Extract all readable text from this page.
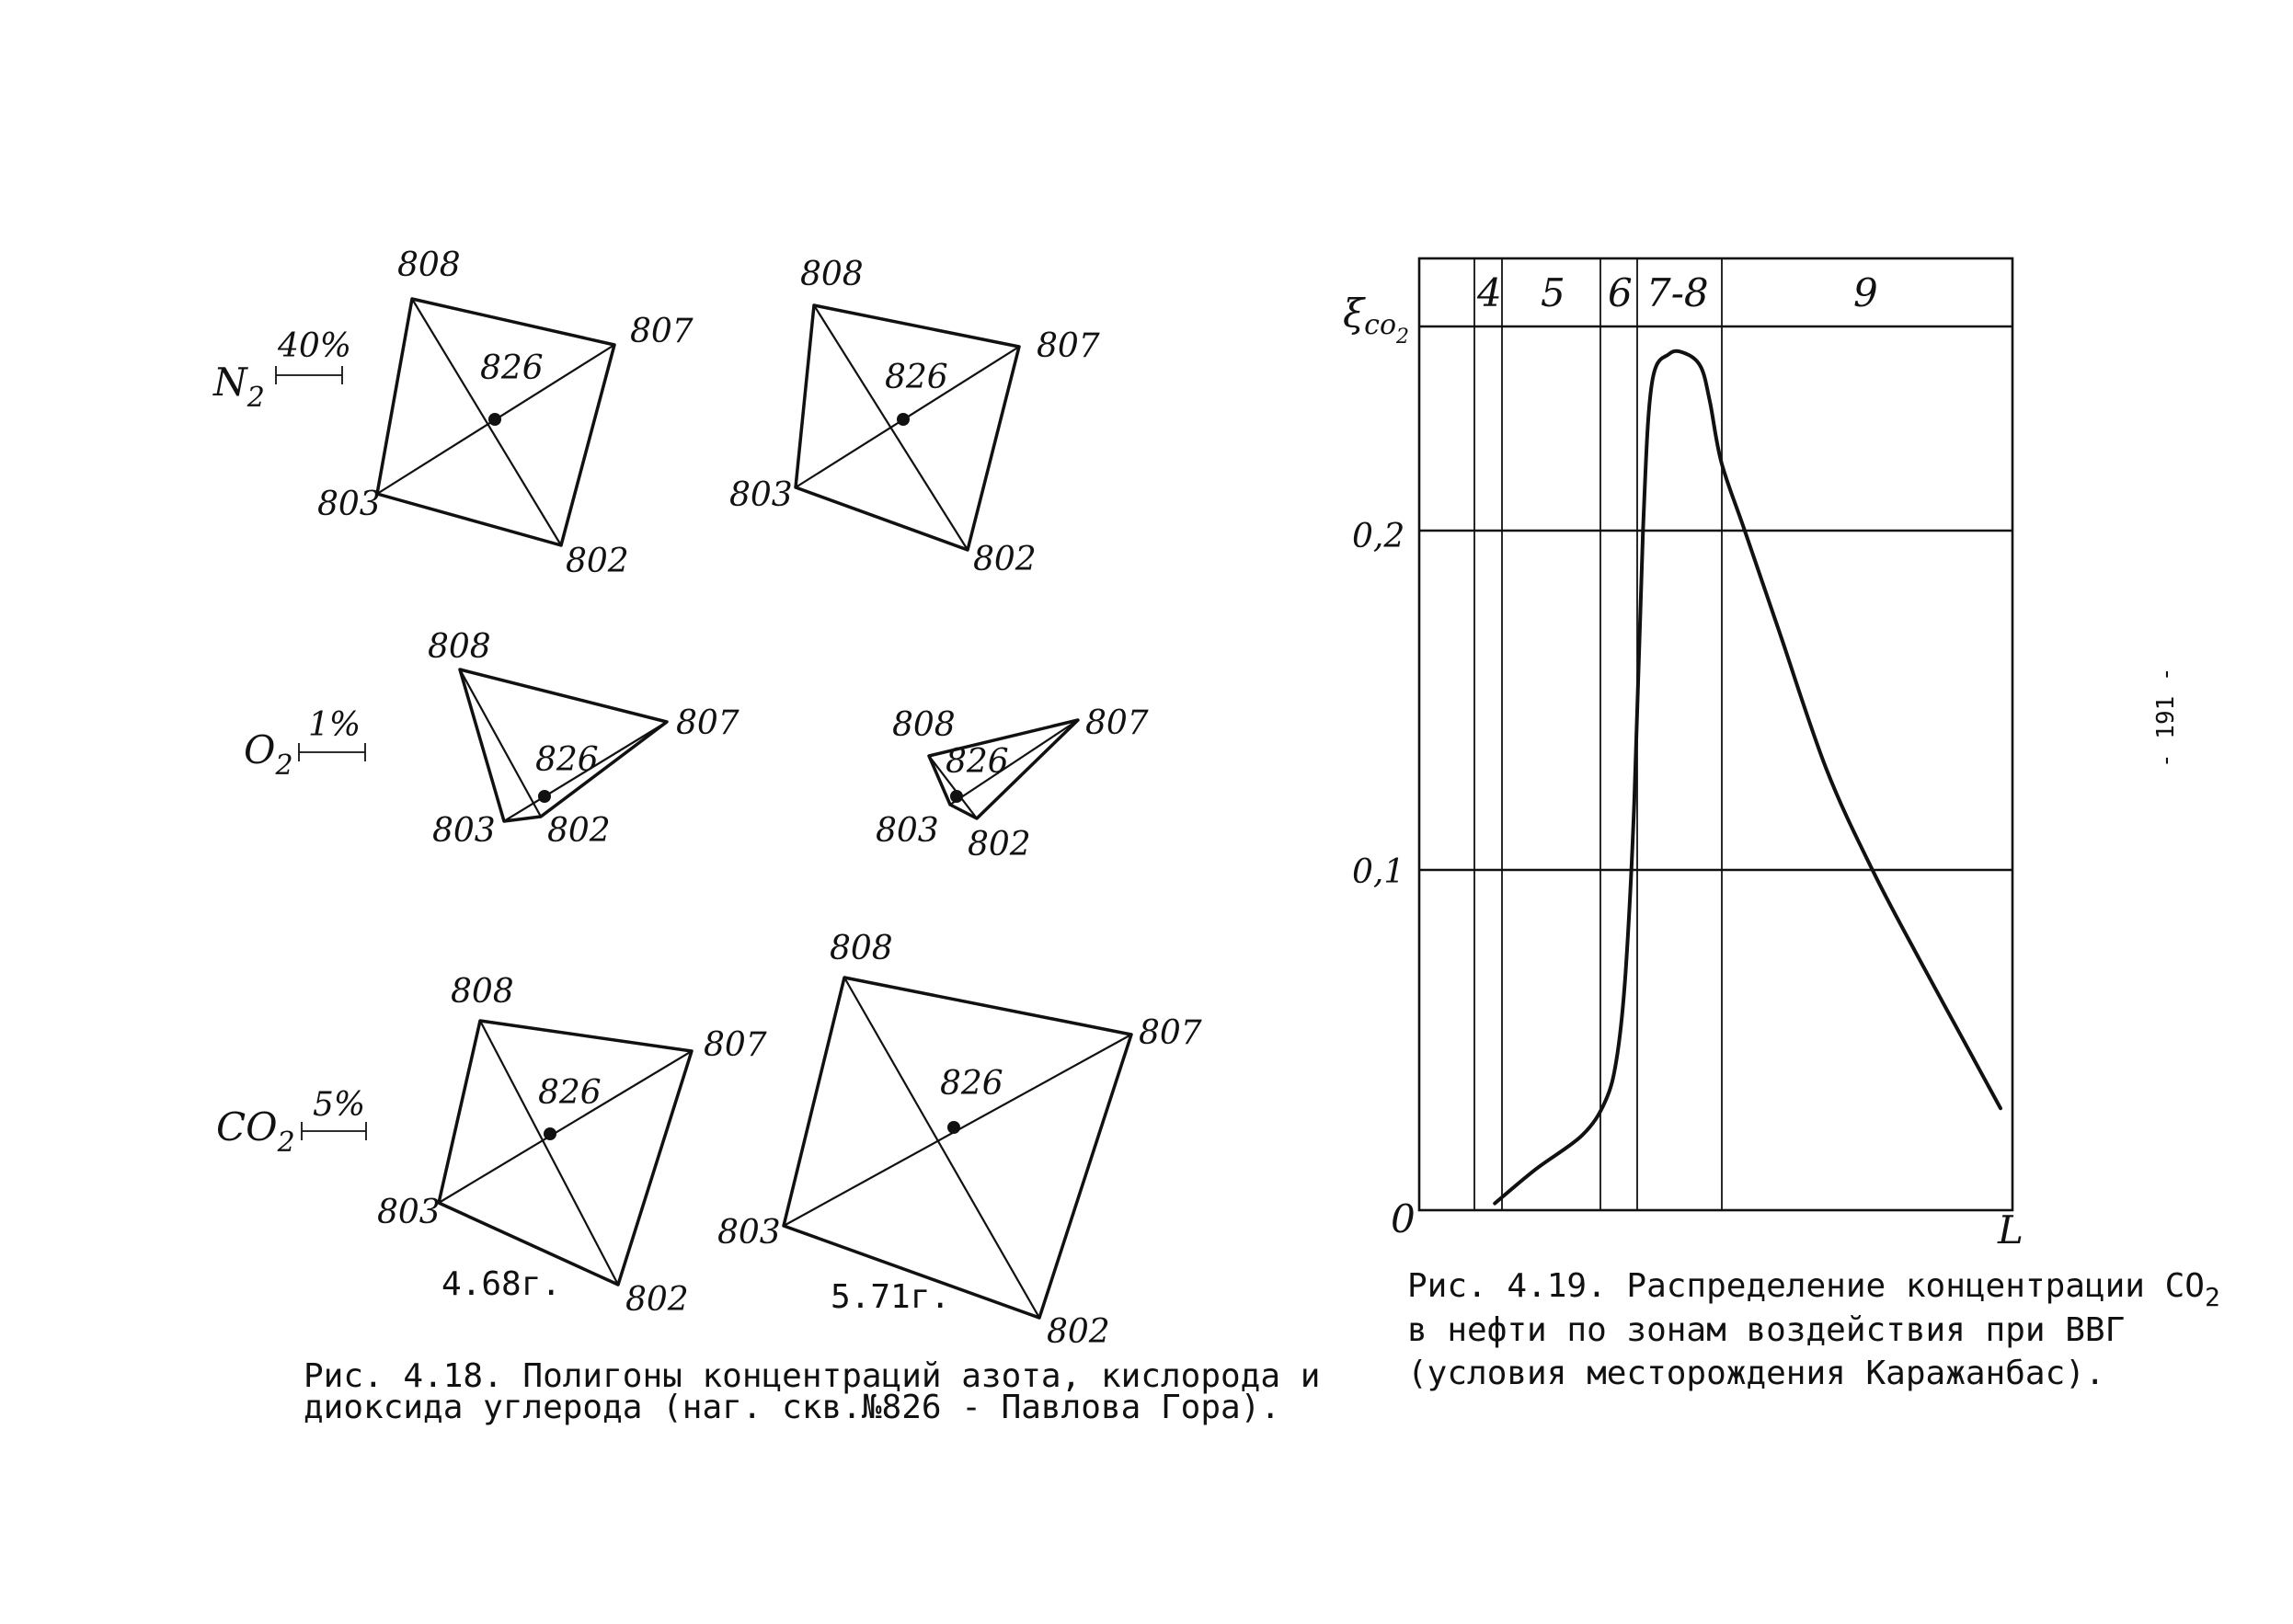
$N_2$
40%
$O_2$
1%
$CO_2$
5%
808
807
803
802
826
808
807
803
802
826
808
807
803 802
826
808	807
803 802
826
808
807
803
802
826
4.68г.
808
807
803
802
826
5.71г.
Рис. 4.18. Полигоны концентраций азота, кислорода и
диоксида углерода (наг. скв.№826 - Павлова Гора).
4 5 6 7-8	9
ξco$_2$
0,2
0,1
0	L
Рис. 4.19. Распределение концентрации $CO_2$
в нефти по зонам воздействия при ВВГ
(условия месторождения Каражанбас).
- 191 -
